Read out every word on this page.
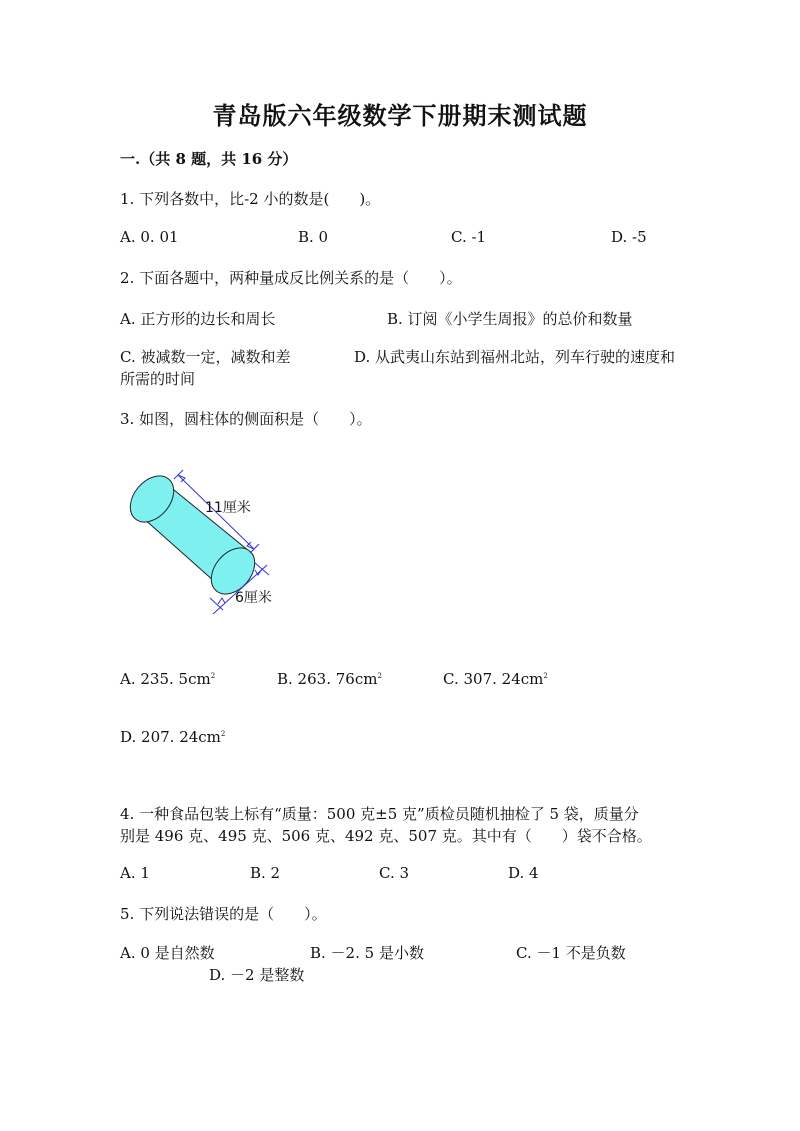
青岛版六年级数学下册期末测试题
一.（共 8 题，共 16 分）
1. 下列各数中，比-2 小的数是(　　)。
A. 0. 01	B. 0	C. -1	D. -5
2. 下面各题中，两种量成反比例关系的是（　　）。
A. 正方形的边长和周长	B. 订阅《小学生周报》的总价和数量
C. 被减数一定，减数和差	D. 从武夷山东站到福州北站，列车行驶的速度和所需的时间
3. 如图，圆柱体的侧面积是（　　）。
11厘米
6厘米
A. 235. $5cm^2$	B. 263. $76cm^2$	C. 307. $24cm^2$
D. 207. $24cm^2$
4. 一种食品包装上标有“质量：500 克±5 克”质检员随机抽检了 5 袋，质量分
别是 496 克、495 克、506 克、492 克、507 克。其中有（　　）袋不合格。
A. 1	B. 2	C. 3	D. 4
5. 下列说法错误的是（　　）。
A. 0 是自然数	B. －2. 5 是小数	C. －1 不是负数
D. －2 是整数
